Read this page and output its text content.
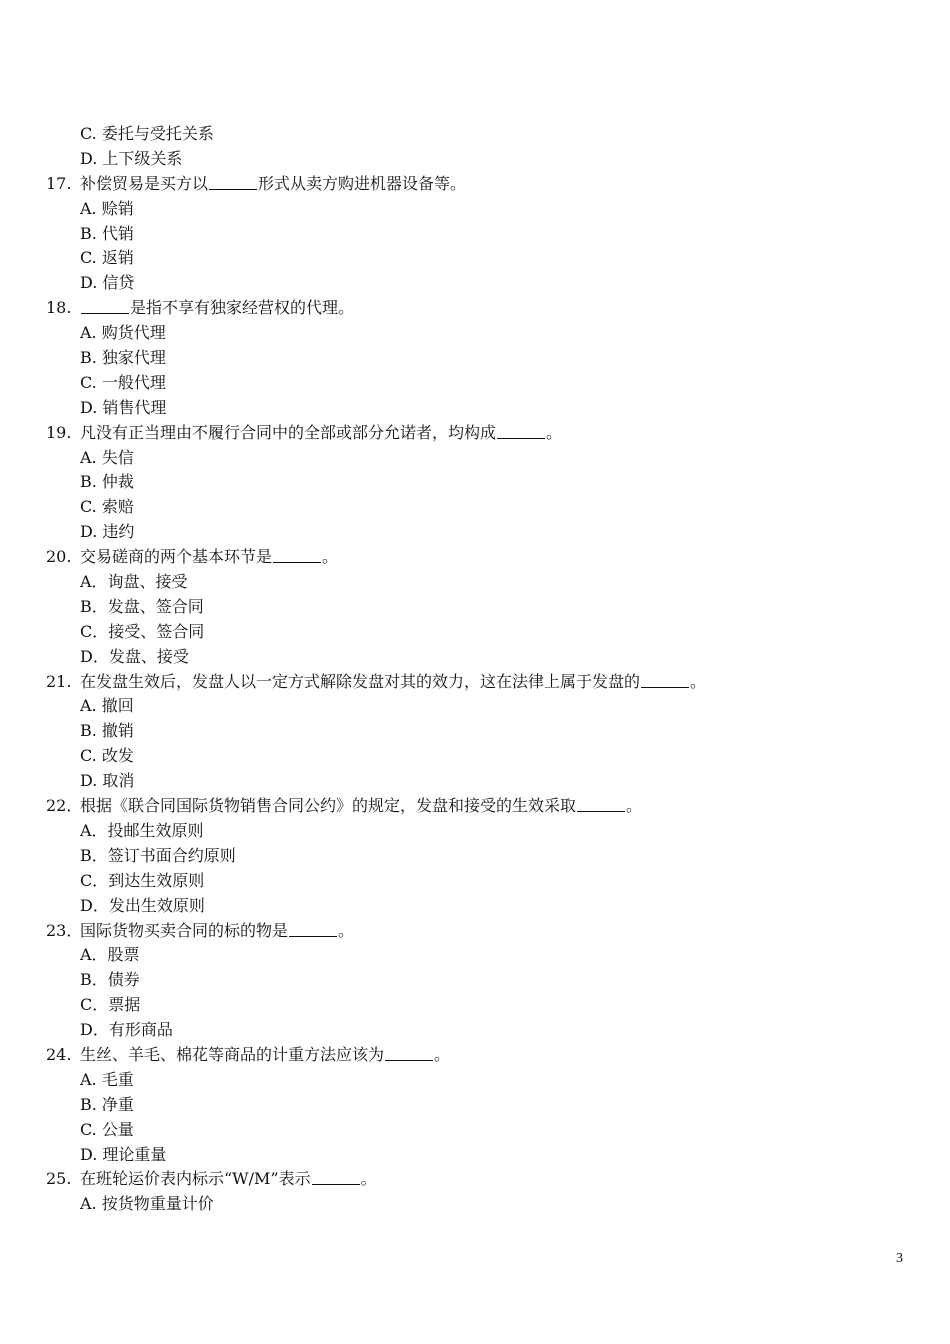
C. 委托与受托关系
D. 上下级关系
17. 补偿贸易是买方以	形式从卖方购进机器设备等。
A. 赊销
B. 代销
C. 返销
D. 信贷
18.	是指不享有独家经营权的代理。
A. 购货代理
B. 独家代理
C. 一般代理
D. 销售代理
19. 凡没有正当理由不履行合同中的全部或部分允诺者，均构成	。
A. 失信
B. 仲裁
C. 索赔
D. 违约
20. 交易磋商的两个基本环节是	。
A．询盘、接受
B．发盘、签合同
C．接受、签合同
D．发盘、接受
21. 在发盘生效后，发盘人以一定方式解除发盘对其的效力，这在法律上属于发盘的	。
A. 撤回
B. 撤销
C. 改发
D. 取消
22．
根据《联合同国际货物销售合同公约》的规定，发盘和接受的生效采取	。
A．投邮生效原则
B．签订书面合约原则
C．到达生效原则
D．发出生效原则
23．
国际货物买卖合同的标的物是	。
A．股票
B．债券
C．票据
D．有形商品
24. 生丝、羊毛、棉花等商品的计重方法应该为	。
A. 毛重
B. 净重
C. 公量
D. 理论重量
25. 在班轮运价表内标示“W/M”表示	。
A. 按货物重量计价
3
